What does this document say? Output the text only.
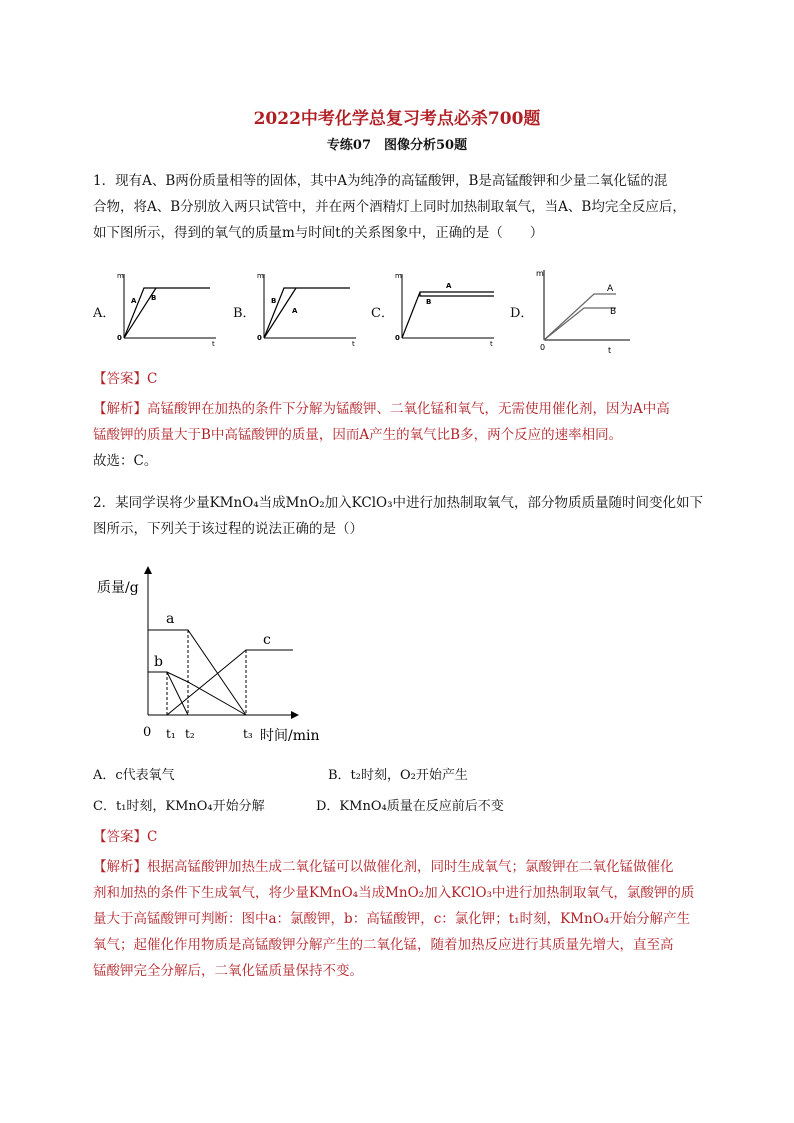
2022中考化学总复习考点必杀700题
专练07　图像分析50题
1．现有A、B两份质量相等的固体，其中A为纯净的高锰酸钾，B是高锰酸钾和少量二氧化锰的混
合物，将A、B分别放入两只试管中，并在两个酒精灯上同时加热制取氧气，当A、B均完全反应后，
如下图所示，得到的氧气的质量m与时间t的关系图象中，正确的是（　　）
A．	B．	C．	D．
m
t
0
A B
m
t
0
B
A
m
t
0
A
B
m
t
0
A
B
【答案】C
【解析】高锰酸钾在加热的条件下分解为锰酸钾、二氧化锰和氧气，无需使用催化剂，因为A中高
锰酸钾的质量大于B中高锰酸钾的质量，因而A产生的氧气比B多，两个反应的速率相同。
故选：C。
2．某同学误将少量KMnO₄当成MnO₂加入KClO₃中进行加热制取氧气，部分物质质量随时间变化如下
图所示，下列关于该过程的说法正确的是（）
质量/g
时间/min
0 t₁ t₂	t₃
a
b
c
A．c代表氧气	B．t₂时刻，O₂开始产生
C．t₁时刻，KMnO₄开始分解	D．KMnO₄质量在反应前后不变
【答案】C
【解析】根据高锰酸钾加热生成二氧化锰可以做催化剂，同时生成氧气；氯酸钾在二氧化锰做催化
剂和加热的条件下生成氧气，将少量KMnO₄当成MnO₂加入KClO₃中进行加热制取氧气，氯酸钾的质
量大于高锰酸钾可判断：图中a：氯酸钾，b：高锰酸钾，c：氯化钾；t₁时刻，KMnO₄开始分解产生
氧气；起催化作用物质是高锰酸钾分解产生的二氧化锰，随着加热反应进行其质量先增大，直至高
锰酸钾完全分解后，二氧化锰质量保持不变。
